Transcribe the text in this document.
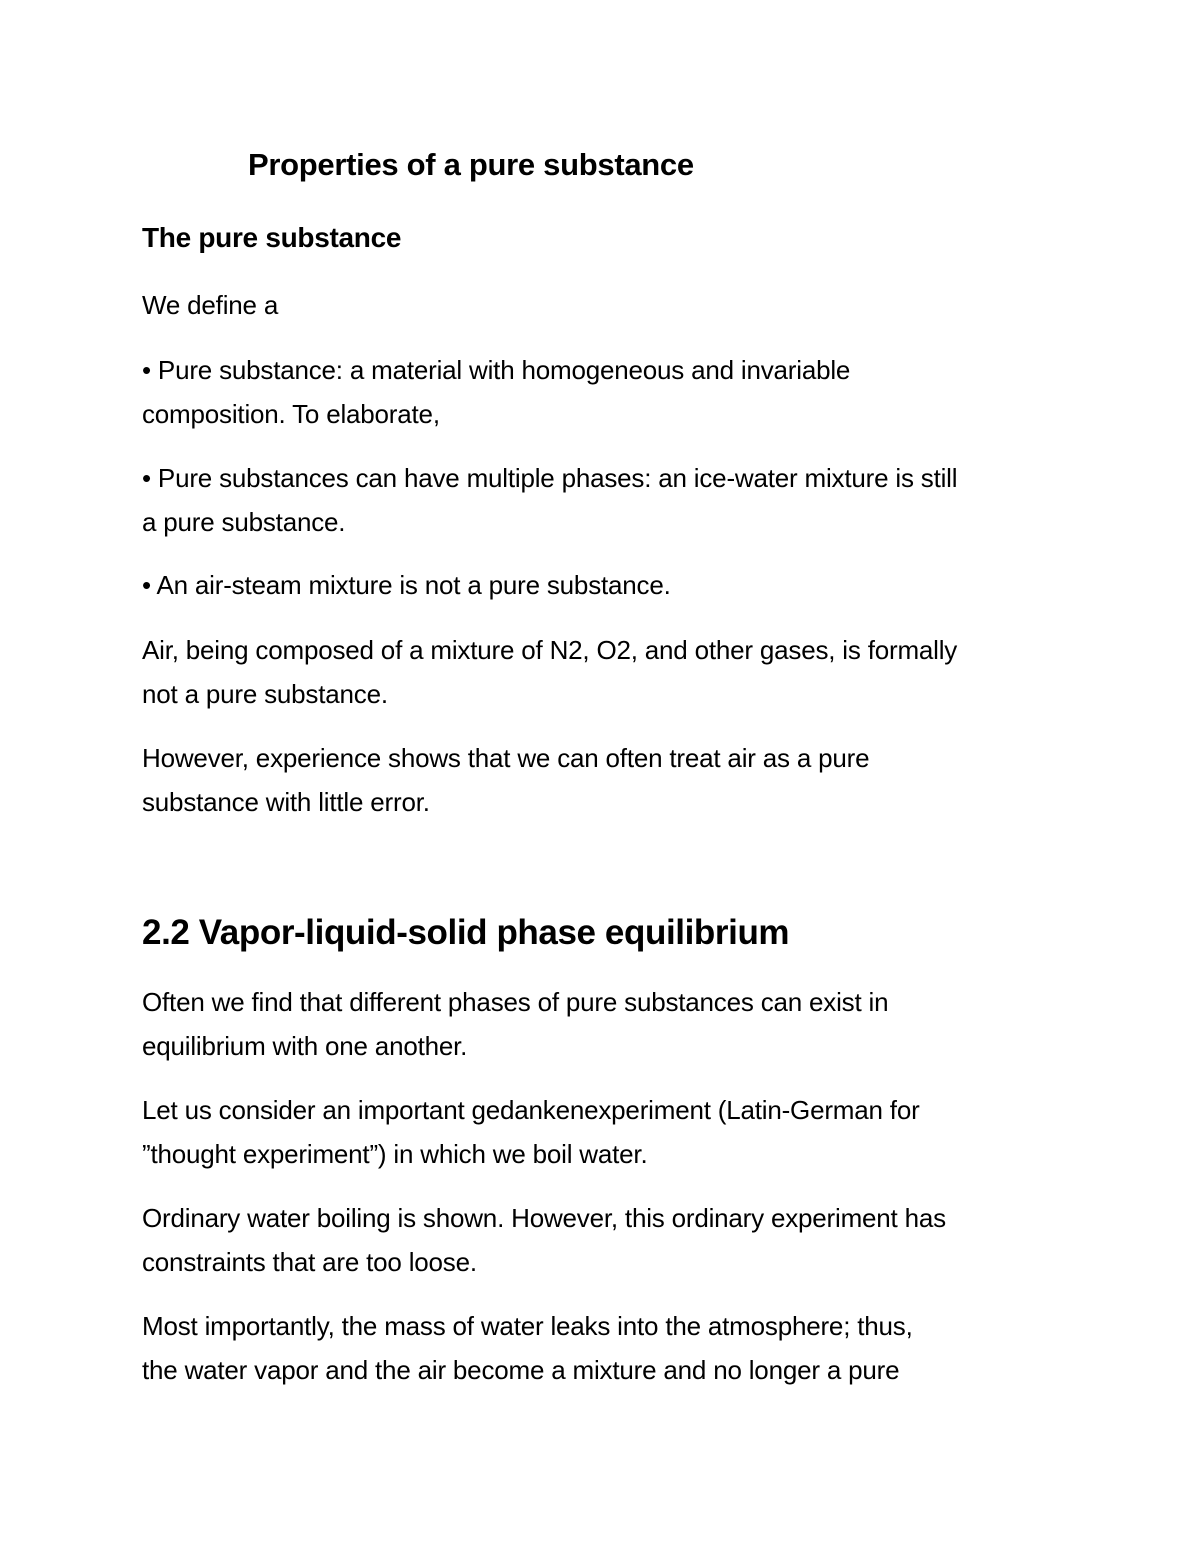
Properties of a pure substance
The pure substance
We define a
• Pure substance: a material with homogeneous and invariable
composition. To elaborate,
• Pure substances can have multiple phases: an ice-water mixture is still
a pure substance.
• An air-steam mixture is not a pure substance.
Air, being composed of a mixture of N2, O2, and other gases, is formally
not a pure substance.
However, experience shows that we can often treat air as a pure
substance with little error.
2.2 Vapor-liquid-solid phase equilibrium
Often we find that different phases of pure substances can exist in
equilibrium with one another.
Let us consider an important gedankenexperiment (Latin-German for
”thought experiment”) in which we boil water.
Ordinary water boiling is shown. However, this ordinary experiment has
constraints that are too loose.
Most importantly, the mass of water leaks into the atmosphere; thus,
the water vapor and the air become a mixture and no longer a pure
